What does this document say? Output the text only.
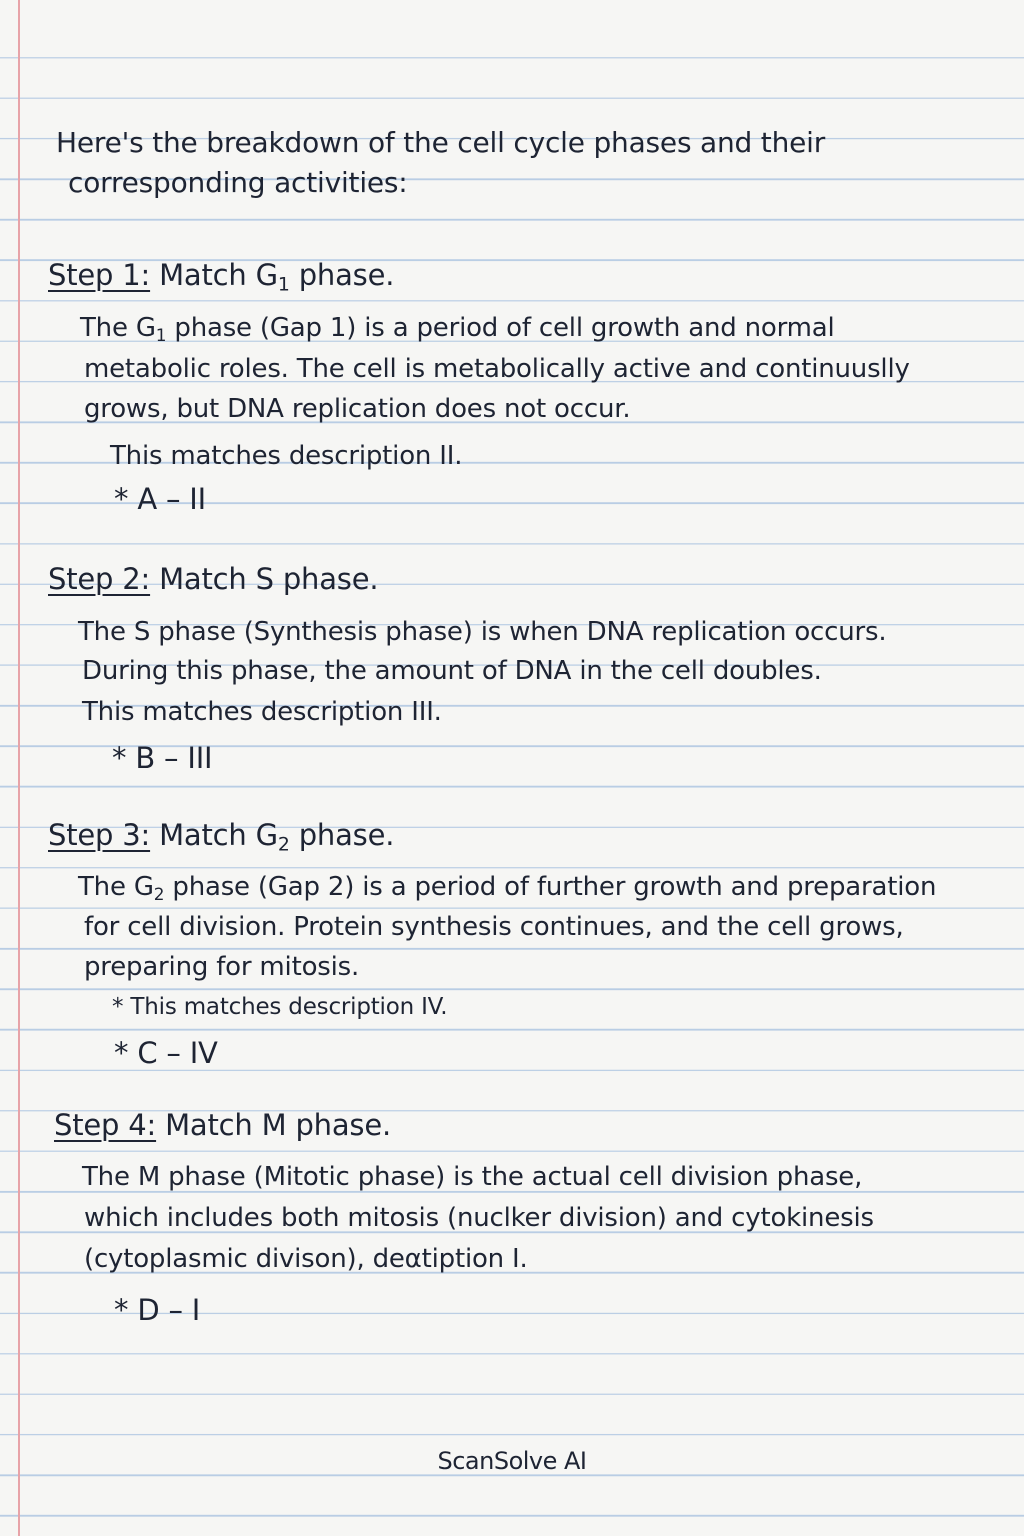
Here's the breakdown of the cell cycle phases and their

corresponding activities:

Step 1: Match $G_1$ phase.

The $G_1$ phase (Gap 1) is a period of cell growth and normal

metabolic roles. The cell is metabolically active and continuuslly

grows, but DNA replication does not occur.

This matches description II.

* A – II

Step 2: Match S phase.

The S phase (Synthesis phase) is when DNA replication occurs.

During this phase, the amount of DNA in the cell doubles.

This matches description III.

* B – III

Step 3: Match $G_2$ phase.

The $G_2$ phase (Gap 2) is a period of further growth and preparation

for cell division. Protein synthesis continues, and the cell grows,

preparing for mitosis.

* This matches description IV.

* C – IV

Step 4: Match M phase.

The M phase (Mitotic phase) is the actual cell division phase,

which includes both mitosis (nuclker division) and cytokinesis

(cytoplasmic divison), deαtiption I.

* D – I

ScanSolve AI
